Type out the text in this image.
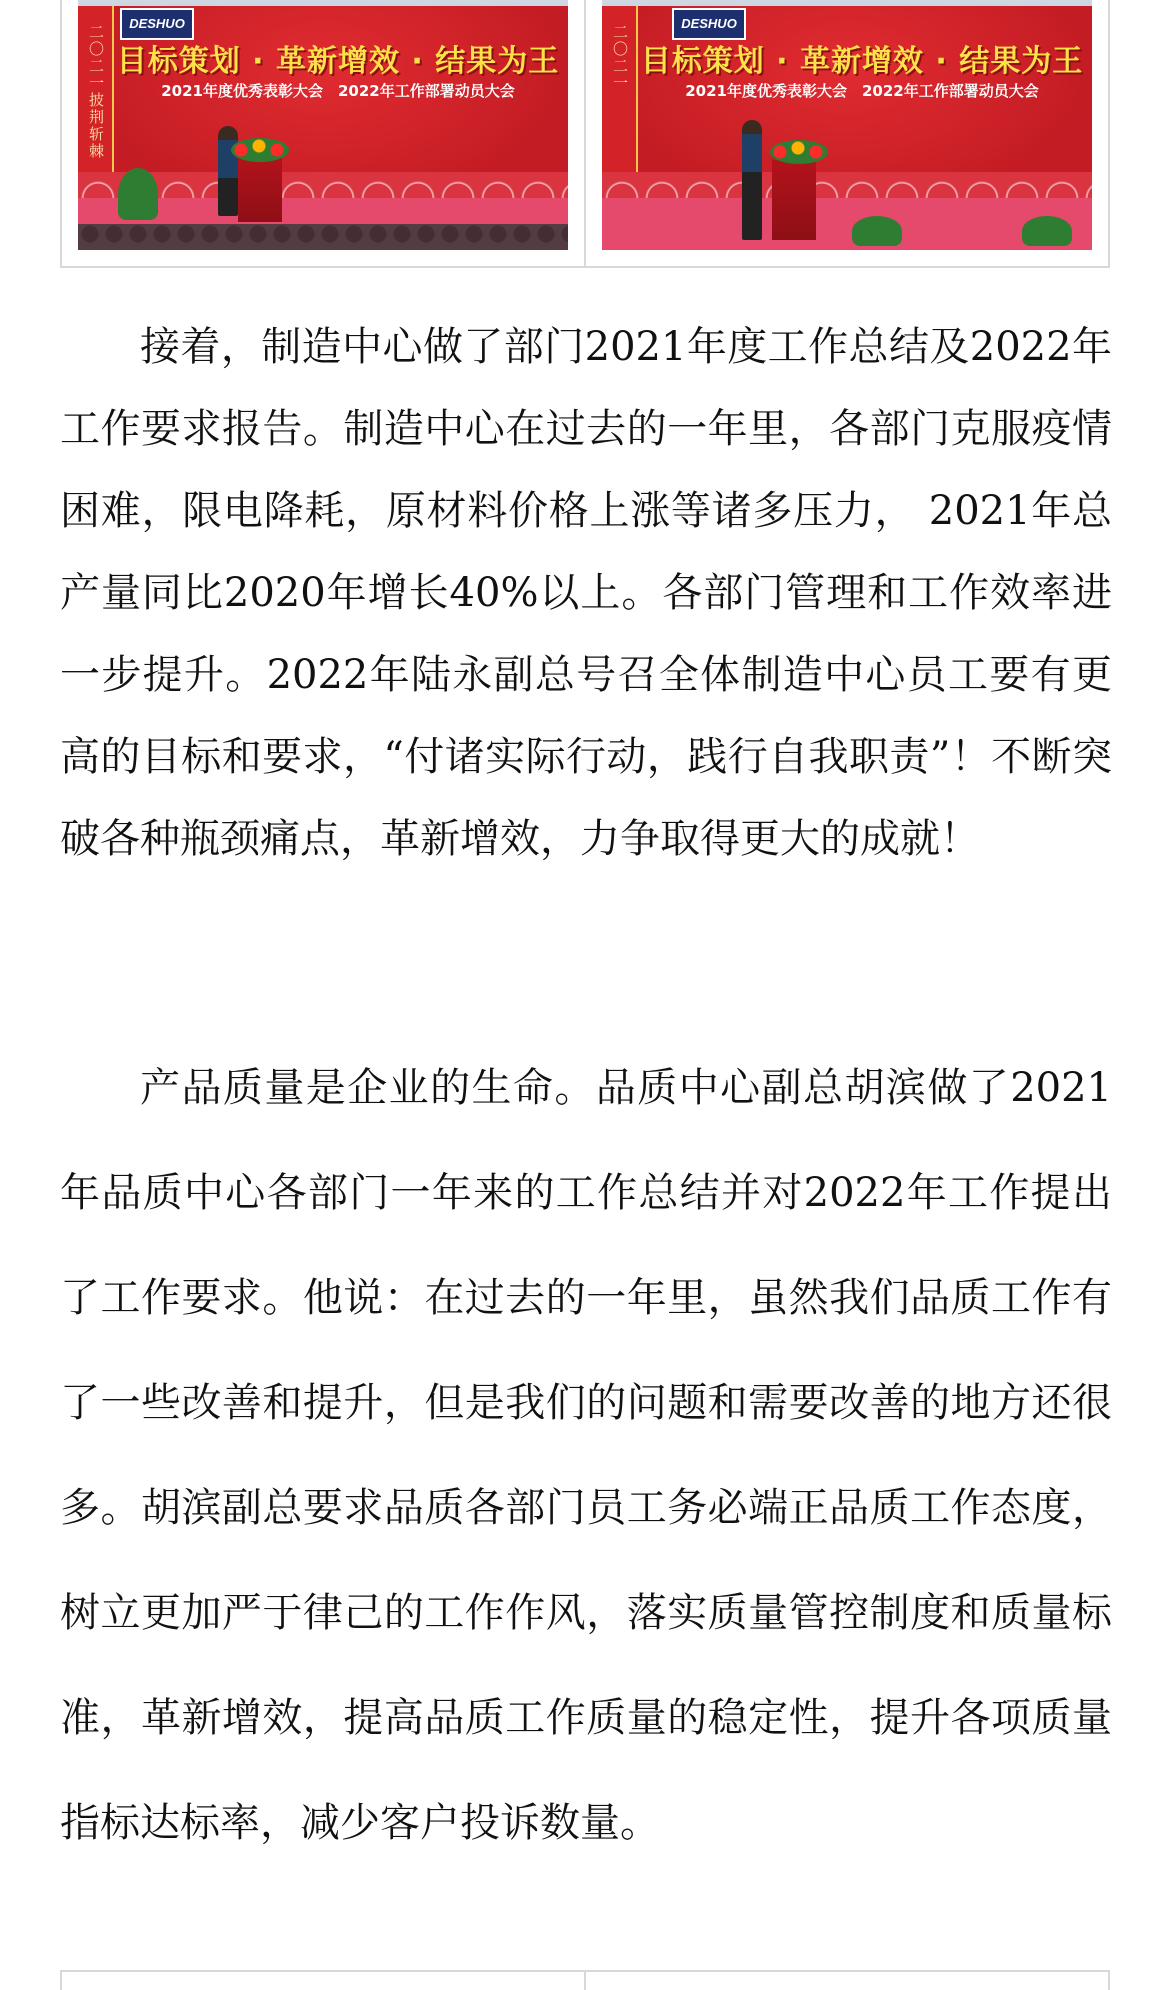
二〇二一披荆斩棘
DESHUO
目标策划 · 革新增效 · 结果为王
2021年度优秀表彰大会　2022年工作部署动员大会	二〇二一
DESHUO
目标策划 · 革新增效 · 结果为王
2021年度优秀表彰大会　2022年工作部署动员大会

接着，制造中心做了部门2021年度工作总结及2022年工作要求报告。制造中心在过去的一年里，各部门克服疫情困难，限电降耗，原材料价格上涨等诸多压力， 2021年总产量同比2020年增长40%以上。各部门管理和工作效率进一步提升。2022年陆永副总号召全体制造中心员工要有更高的目标和要求，“付诸实际行动，践行自我职责”！不断突破各种瓶颈痛点，革新增效，力争取得更大的成就！

产品质量是企业的生命。品质中心副总胡滨做了2021年品质中心各部门一年来的工作总结并对2022年工作提出了工作要求。他说：在过去的一年里，虽然我们品质工作有了一些改善和提升，但是我们的问题和需要改善的地方还很多。胡滨副总要求品质各部门员工务必端正品质工作态度，树立更加严于律己的工作作风，落实质量管控制度和质量标准，革新增效，提高品质工作质量的稳定性，提升各项质量指标达标率，减少客户投诉数量。
